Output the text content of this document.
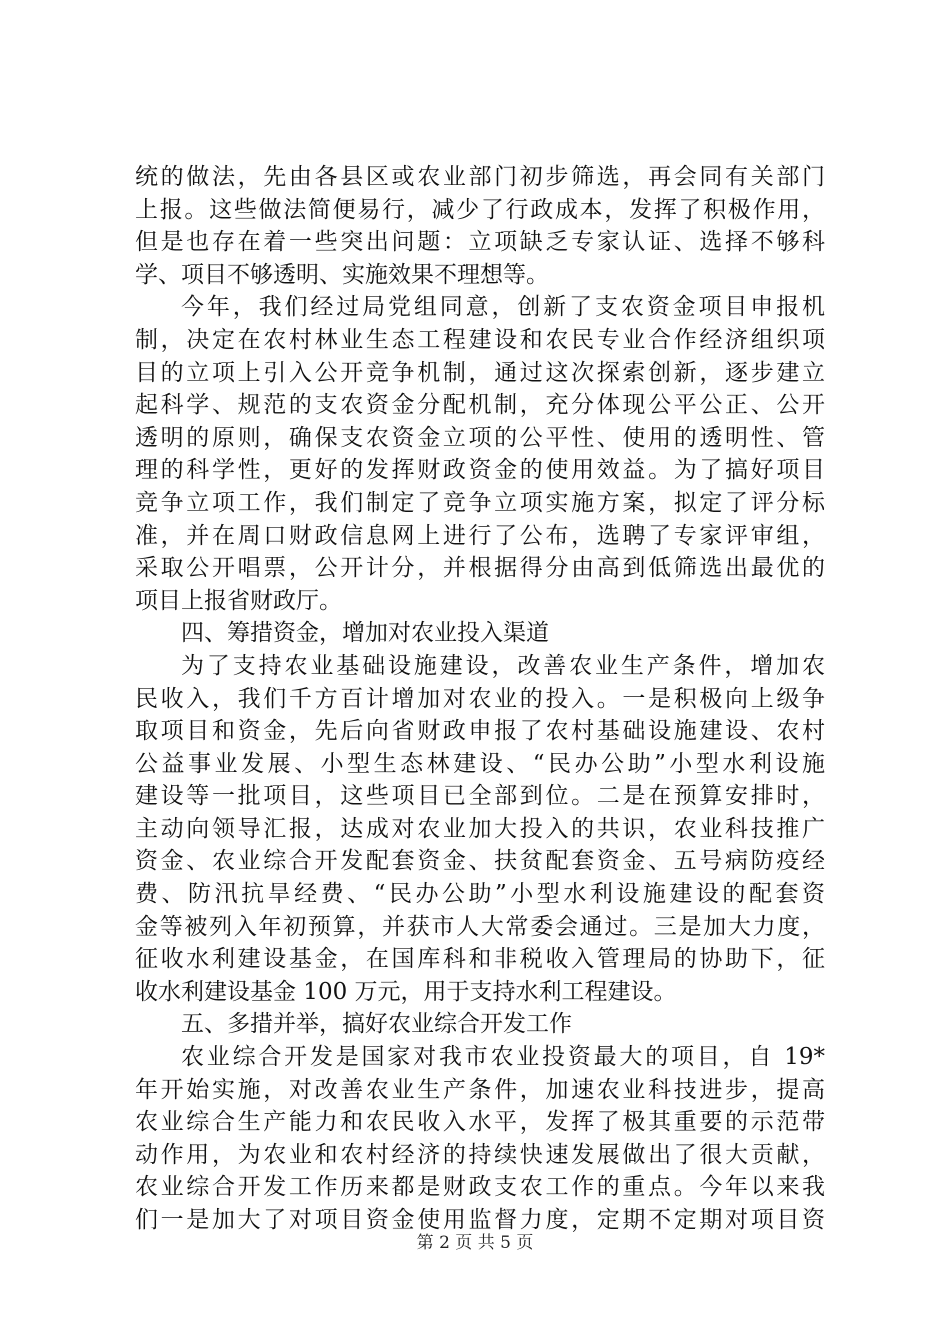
统的做法，先由各县区或农业部门初步筛选，再会同有关部门
上报。这些做法简便易行，减少了行政成本，发挥了积极作用，
但是也存在着一些突出问题：立项缺乏专家认证、选择不够科
学、项目不够透明、实施效果不理想等。
今年，我们经过局党组同意，创新了支农资金项目申报机
制，决定在农村林业生态工程建设和农民专业合作经济组织项
目的立项上引入公开竞争机制，通过这次探索创新，逐步建立
起科学、规范的支农资金分配机制，充分体现公平公正、公开
透明的原则，确保支农资金立项的公平性、使用的透明性、管
理的科学性，更好的发挥财政资金的使用效益。为了搞好项目
竞争立项工作，我们制定了竞争立项实施方案，拟定了评分标
准，并在周口财政信息网上进行了公布，选聘了专家评审组，
采取公开唱票，公开计分，并根据得分由高到低筛选出最优的
项目上报省财政厅。
四、筹措资金，增加对农业投入渠道
为了支持农业基础设施建设，改善农业生产条件，增加农
民收入，我们千方百计增加对农业的投入。一是积极向上级争
取项目和资金，先后向省财政申报了农村基础设施建设、农村
公益事业发展、小型生态林建设、“民办公助”小型水利设施
建设等一批项目，这些项目已全部到位。二是在预算安排时，
主动向领导汇报，达成对农业加大投入的共识，农业科技推广
资金、农业综合开发配套资金、扶贫配套资金、五号病防疫经
费、防汛抗旱经费、“民办公助”小型水利设施建设的配套资
金等被列入年初预算，并获市人大常委会通过。三是加大力度，
征收水利建设基金，在国库科和非税收入管理局的协助下，征
收水利建设基金 100 万元，用于支持水利工程建设。
五、多措并举，搞好农业综合开发工作
农业综合开发是国家对我市农业投资最大的项目，自 19*
年开始实施，对改善农业生产条件，加速农业科技进步，提高
农业综合生产能力和农民收入水平，发挥了极其重要的示范带
动作用，为农业和农村经济的持续快速发展做出了很大贡献，
农业综合开发工作历来都是财政支农工作的重点。今年以来我
们一是加大了对项目资金使用监督力度，定期不定期对项目资
第 2 页 共 5 页
